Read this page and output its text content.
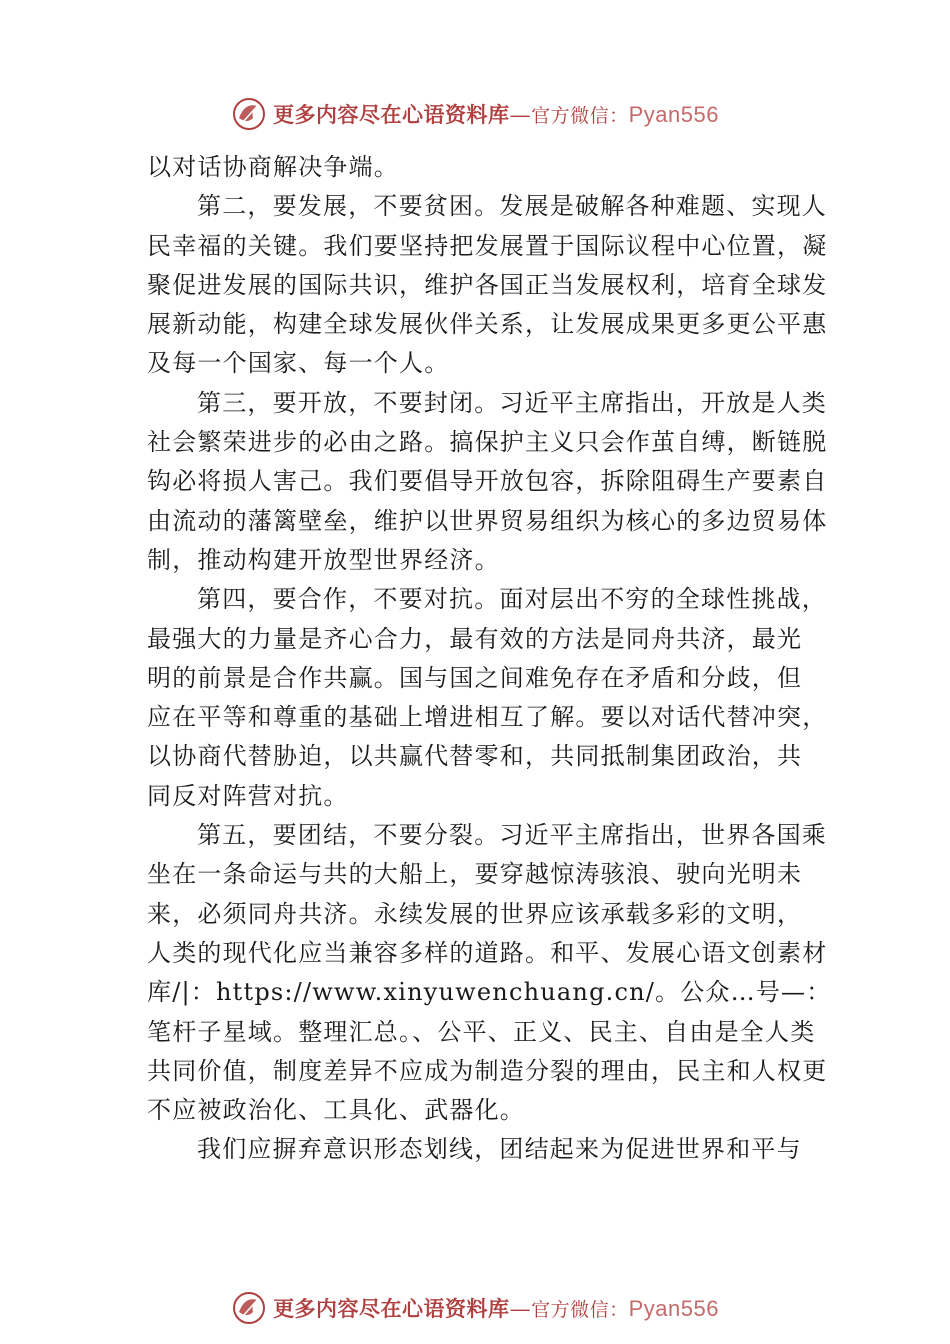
更多内容尽在心语资料库—官方微信：Pyan556

以对话协商解决争端。

第二，要发展，不要贫困。发展是破解各种难题、实现人民幸福的关键。我们要坚持把发展置于国际议程中心位置，凝聚促进发展的国际共识，维护各国正当发展权利，培育全球发展新动能，构建全球发展伙伴关系，让发展成果更多更公平惠及每一个国家、每一个人。

第三，要开放，不要封闭。习近平主席指出，开放是人类社会繁荣进步的必由之路。搞保护主义只会作茧自缚，断链脱钩必将损人害己。我们要倡导开放包容，拆除阻碍生产要素自由流动的藩篱壁垒，维护以世界贸易组织为核心的多边贸易体制，推动构建开放型世界经济。

第四，要合作，不要对抗。面对层出不穷的全球性挑战， 最强大的力量是齐心合力，最有效的方法是同舟共济，最光 明的前景是合作共赢。国与国之间难免存在矛盾和分歧，但 应在平等和尊重的基础上增进相互了解。要以对话代替冲突， 以协商代替胁迫，以共赢代替零和，共同抵制集团政治，共 同反对阵营对抗。

第五，要团结，不要分裂。习近平主席指出，世界各国乘坐在一条命运与共的大船上，要穿越惊涛骇浪、驶向光明未来，必须同舟共济。永续发展的世界应该承载多彩的文明， 人类的现代化应当兼容多样的道路。和平、发展心语文创素材库/|：https://www.xinyuwenchuang.cn/。公众…号—：笔杆子星域。整理汇总。、公平、正义、民主、自由是全人类共同价值，制度差异不应成为制造分裂的理由，民主和人权更不应被政治化、工具化、武器化。

我们应摒弃意识形态划线，团结起来为促进世界和平与

更多内容尽在心语资料库—官方微信：Pyan556
